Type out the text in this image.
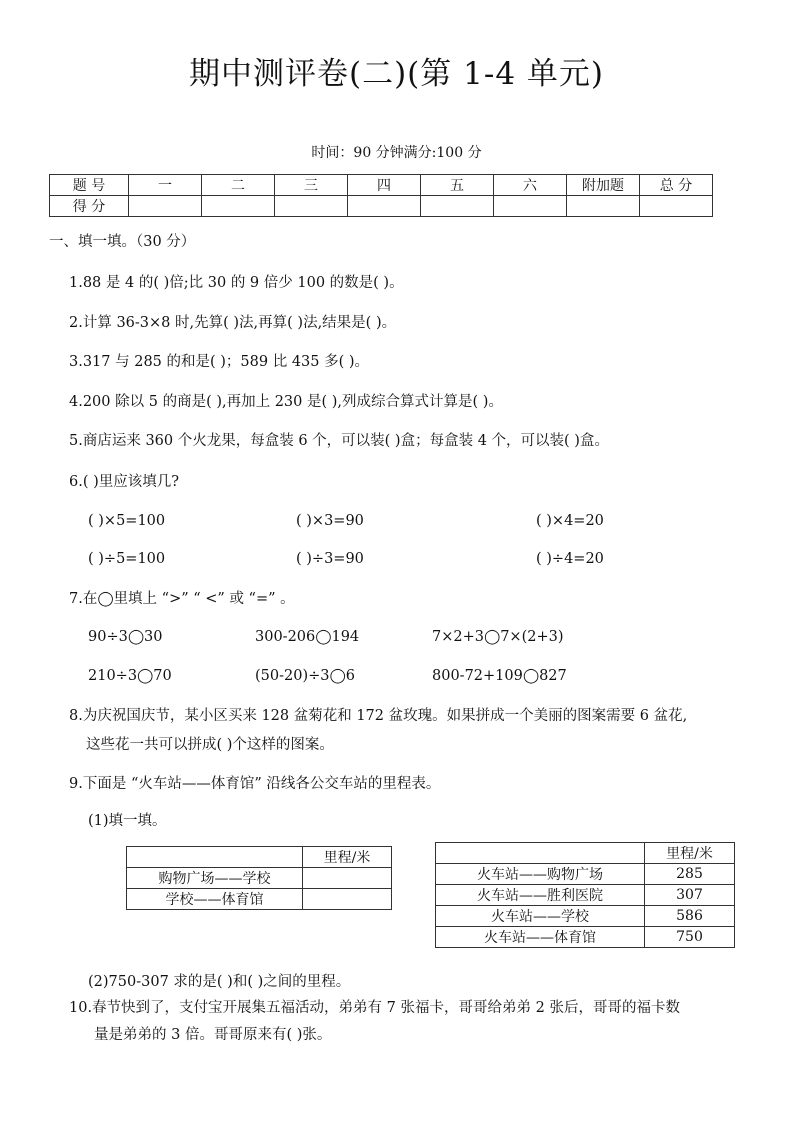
期中测评卷(二)(第 1-4 单元)
时间：90 分钟满分:100 分
题 号	一	二	三	四	五	六	附加题	总 分
得 分								
一、填一填。（30 分）
1.88 是 4 的( )倍;比 30 的 9 倍少 100 的数是( )。
2.计算 36-3×8 时,先算( )法,再算( )法,结果是( )。
3.317 与 285 的和是( )；589 比 435 多( )。
4.200 除以 5 的商是( ),再加上 230 是( ),列成综合算式计算是( )。
5.商店运来 360 个火龙果，每盒装 6 个，可以装( )盒；每盒装 4 个，可以装( )盒。
6.( )里应该填几?
( )×5=100	( )×3=90	( )×4=20
( )÷5=100	( )÷3=90	( )÷4=20
7.在◯里填上 “>” “ <” 或 “=” 。
90÷3◯30	300-206◯194	7×2+3◯7×(2+3)
210÷3◯70	(50-20)÷3◯6	800-72+109◯827
8.为庆祝国庆节，某小区买来 128 盆菊花和 172 盆玫瑰。如果拼成一个美丽的图案需要 6 盆花,
这些花一共可以拼成( )个这样的图案。
9.下面是 “火车站——体育馆” 沿线各公交车站的里程表。
(1)填一填。
	里程/米
购物广场——学校	
学校——体育馆	
	里程/米
火车站——购物广场	285
火车站——胜利医院	307
火车站——学校	586
火车站——体育馆	750
(2)750-307 求的是( )和( )之间的里程。
10.春节快到了，支付宝开展集五福活动，弟弟有 7 张福卡，哥哥给弟弟 2 张后，哥哥的福卡数
量是弟弟的 3 倍。哥哥原来有( )张。
